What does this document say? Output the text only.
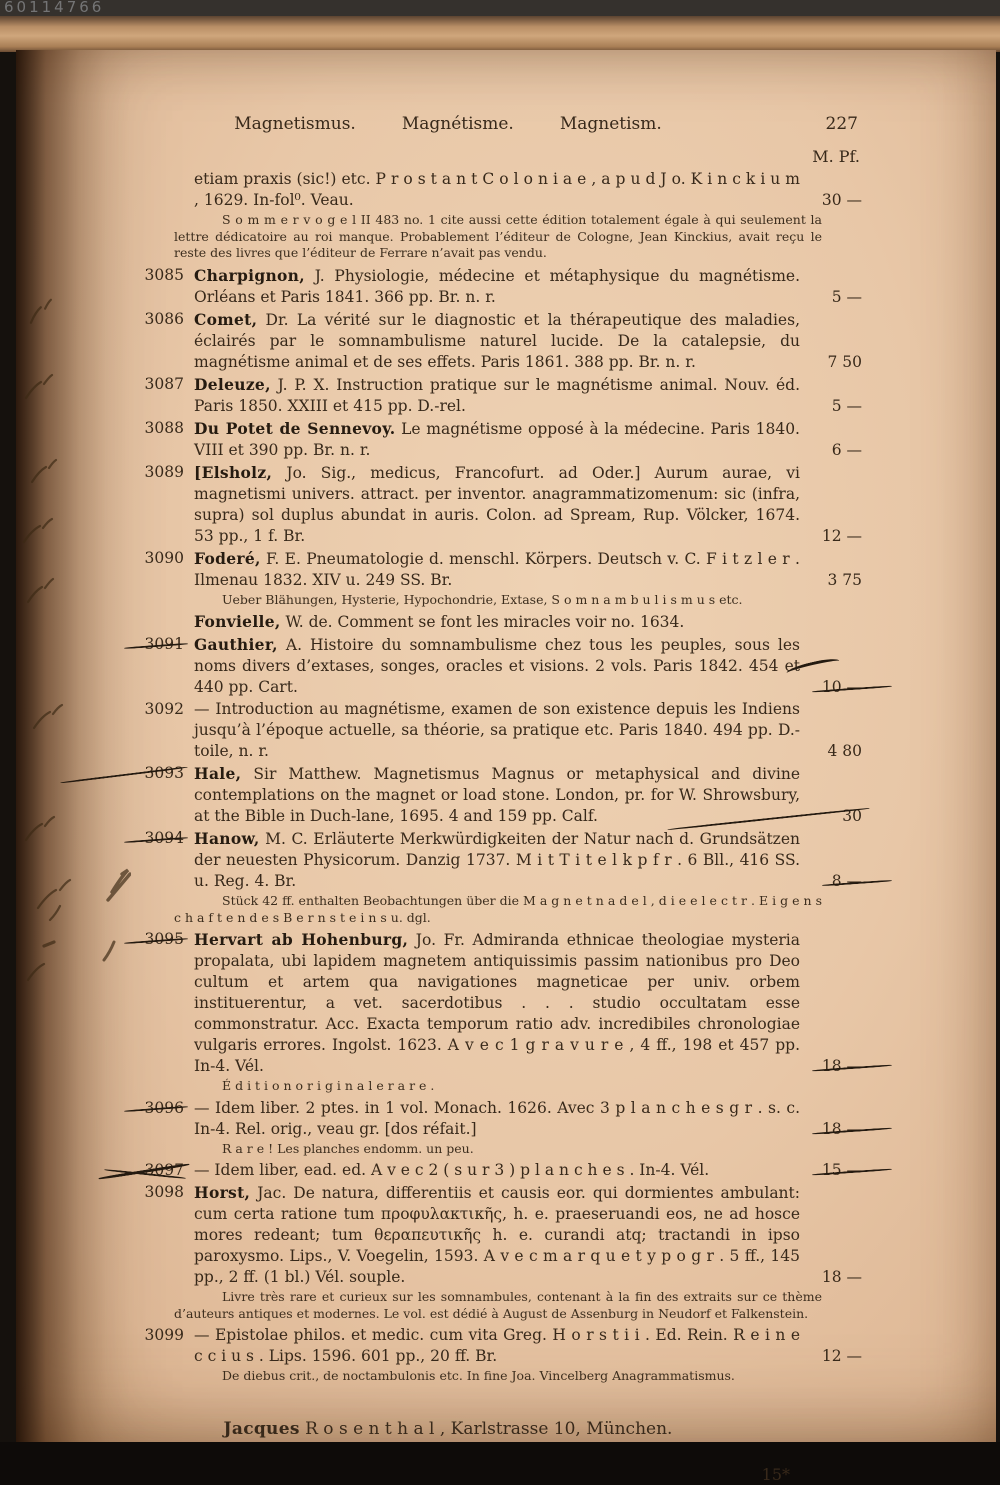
60114766
Magnetismus.	Magnétisme.	Magnetism.	227
M. Pf.
etiam praxis (sic!) etc. P r o s t a n t C o l o n i a e , a p u d J o. K i n c k i u m , 1629. In-fol⁰. Veau.	30 —
S o m m e r v o g e l II 483 no. 1 cite aussi cette édition totalement égale à qui seulement la lettre dédicatoire au roi manque. Probablement l’éditeur de Cologne, Jean Kinckius, avait reçu le reste des livres que l’éditeur de Ferrare n’avait pas vendu.
3085 Charpignon, J. Physiologie, médecine et métaphysique du magnétisme. Orléans et Paris 1841. 366 pp. Br. n. r.	5 —
3086 Comet, Dr. La vérité sur le diagnostic et la thérapeutique des maladies, éclairés par le somnambulisme naturel lucide. De la catalepsie, du magnétisme animal et de ses effets. Paris 1861. 388 pp. Br. n. r.	7 50
3087 Deleuze, J. P. X. Instruction pratique sur le magnétisme animal. Nouv. éd. Paris 1850. XXIII et 415 pp. D.-rel.	5 —
3088 Du Potet de Sennevoy. Le magnétisme opposé à la médecine. Paris 1840. VIII et 390 pp. Br. n. r.	6 —
3089 [Elsholz, Jo. Sig., medicus, Francofurt. ad Oder.] Aurum aurae, vi magnetismi univers. attract. per inventor. anagrammatizomenum: sic (infra, supra) sol duplus abundat in auris. Colon. ad Spream, Rup. Völcker, 1674. 53 pp., 1 f. Br.	12 —
3090 Foderé, F. E. Pneumatologie d. menschl. Körpers. Deutsch v. C. F i t z l e r . Ilmenau 1832. XIV u. 249 SS. Br.	3 75
Ueber Blähungen, Hysterie, Hypochondrie, Extase, S o m n a m b u l i s m u s etc.
Fonvielle, W. de. Comment se font les miracles voir no. 1634.
3091 Gauthier, A. Histoire du somnambulisme chez tous les peuples, sous les noms divers d’extases, songes, oracles et visions. 2 vols. Paris 1842. 454 et 440 pp. Cart.	10 —
3092 — Introduction au magnétisme, examen de son existence depuis les Indiens jusqu’à l’époque actuelle, sa théorie, sa pratique etc. Paris 1840. 494 pp. D.-toile, n. r.	4 80
3093 Hale, Sir Matthew. Magnetismus Magnus or metaphysical and divine contemplations on the magnet or load stone. London, pr. for W. Shrowsbury, at the Bible in Duch-lane, 1695. 4 and 159 pp. Calf.	30
3094 Hanow, M. C. Erläuterte Merkwürdigkeiten der Natur nach d. Grundsätzen der neuesten Physicorum. Danzig 1737. M i t T i t e l k p f r . 6 Bll., 416 SS. u. Reg. 4. Br.	8 —
Stück 42 ff. enthalten Beobachtungen über die M a g n e t n a d e l , d i e e l e c t r . E i g e n s c h a f t e n d e s B e r n s t e i n s u. dgl.
3095 Hervart ab Hohenburg, Jo. Fr. Admiranda ethnicae theologiae mysteria propalata, ubi lapidem magnetem antiquissimis passim nationibus pro Deo cultum et artem qua navigationes magneticae per univ. orbem instituerentur, a vet. sacerdotibus . . . studio occultatam esse commonstratur. Acc. Exacta temporum ratio adv. incredibiles chronologiae vulgaris errores. Ingolst. 1623. A v e c 1 g r a v u r e , 4 ff., 198 et 457 pp. In-4. Vél.	18 —
É d i t i o n o r i g i n a l e r a r e .
3096 — Idem liber. 2 ptes. in 1 vol. Monach. 1626. Avec 3 p l a n c h e s g r . s. c. In-4. Rel. orig., veau gr. [dos réfait.]	18 —
R a r e ! Les planches endomm. un peu.
3097 — Idem liber, ead. ed. A v e c 2 ( s u r 3 ) p l a n c h e s . In-4. Vél.	15 —
3098 Horst, Jac. De natura, differentiis et causis eor. qui dormientes ambulant: cum certa ratione tum προφυλακτικῆς, h. e. praeseruandi eos, ne ad hosce mores redeant; tum θεραπευτικῆς h. e. curandi atq; tractandi in ipso paroxysmo. Lips., V. Voegelin, 1593. A v e c m a r q u e t y p o g r . 5 ff., 145 pp., 2 ff. (1 bl.) Vél. souple.	18 —
Livre très rare et curieux sur les somnambules, contenant à la fin des extraits sur ce thème d’auteurs antiques et modernes. Le vol. est dédié à August de Assenburg in Neudorf et Falkenstein.
3099 — Epistolae philos. et medic. cum vita Greg. H o r s t i i . Ed. Rein. R e i n e c c i u s . Lips. 1596. 601 pp., 20 ff. Br.	12 —
De diebus crit., de noctambulonis etc. In fine Joa. Vincelberg Anagrammatismus.
Jacques R o s e n t h a l , Karlstrasse 10, München.
15*
